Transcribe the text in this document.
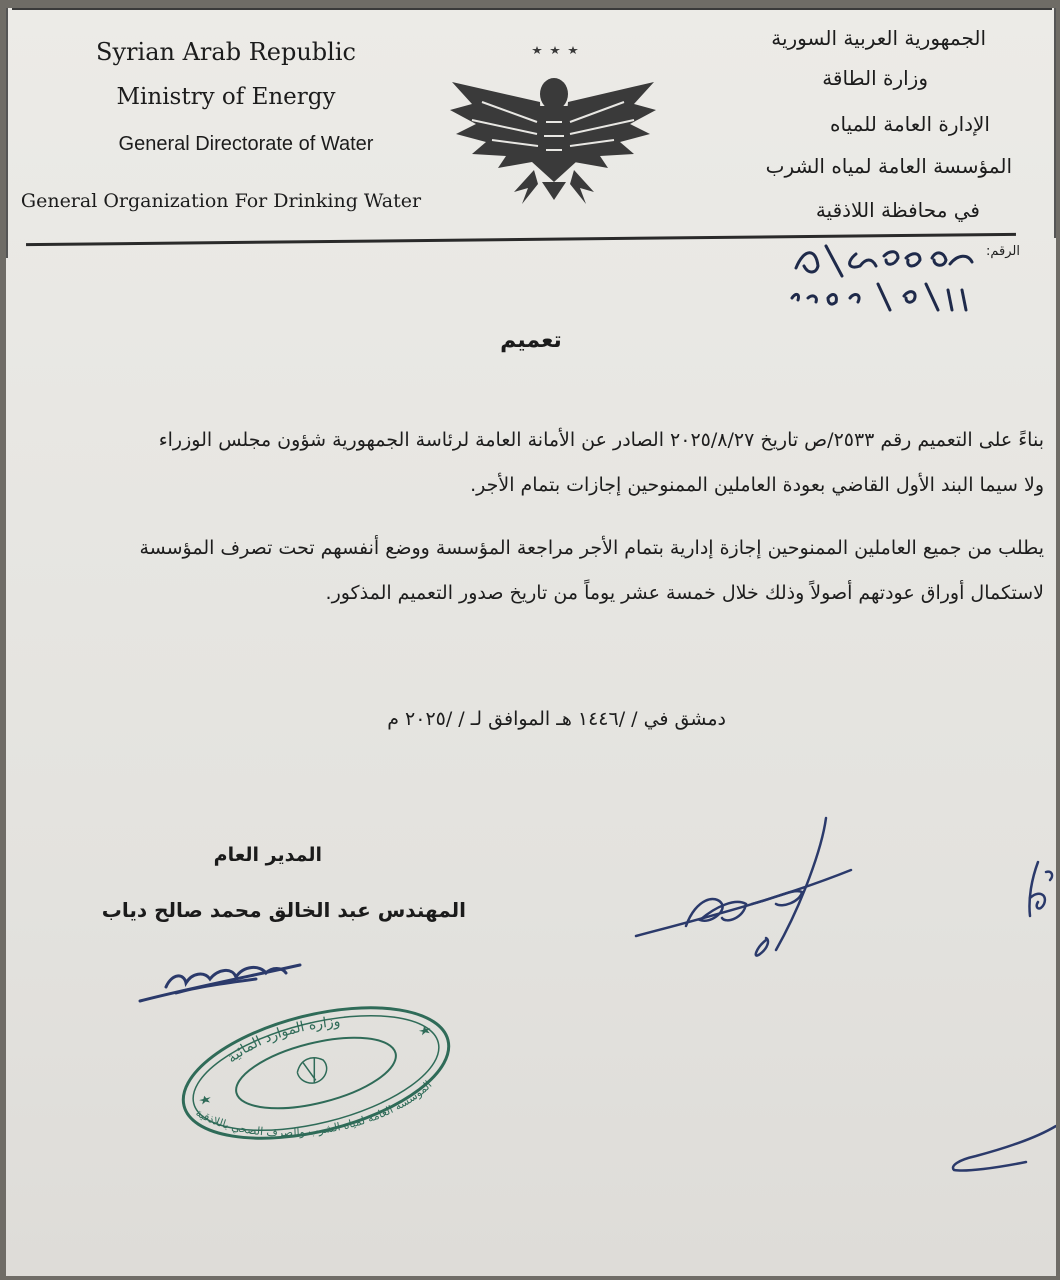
Syrian Arab Republic
Ministry of Energy
General Directorate of Water
General Organization For Drinking Water
الجمهورية العربية السورية
وزارة الطاقة
الإدارة العامة للمياه
المؤسسة العامة لمياه الشرب
في محافظة اللاذقية
الرقم:
تعميم
بناءً على التعميم رقم ٢٥٣٣/ص تاريخ ٢٠٢٥/٨/٢٧ الصادر عن الأمانة العامة لرئاسة الجمهورية شؤون مجلس الوزراء
ولا سيما البند الأول القاضي بعودة العاملين الممنوحين إجازات بتمام الأجر.
يطلب من جميع العاملين الممنوحين إجازة إدارية بتمام الأجر مراجعة المؤسسة ووضع أنفسهم تحت تصرف المؤسسة
لاستكمال أوراق عودتهم أصولاً وذلك خلال خمسة عشر يوماً من تاريخ صدور التعميم المذكور.
دمشق في / /١٤٤٦ هـ الموافق لـ / /٢٠٢٥ م
المدير العام
المهندس عبد الخالق محمد صالح دياب
وزارة الموارد المائية
المؤسسة العامة لمياه الشرب والصرف الصحي باللاذقية
